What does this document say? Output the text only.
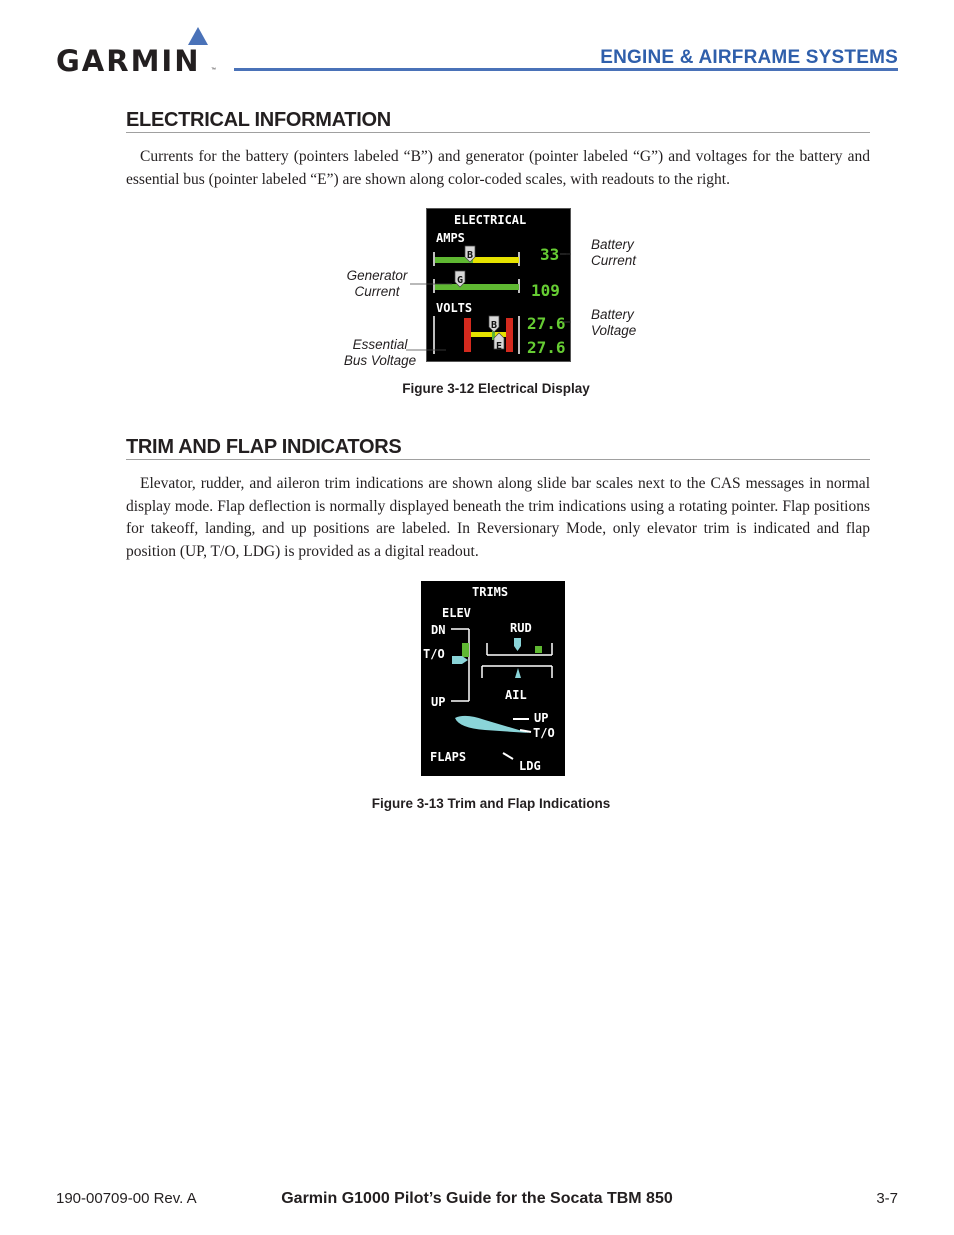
GARMIN ™
ENGINE & AIRFRAME SYSTEMS
ELECTRICAL INFORMATION

Currents for the battery (pointers labeled “B”) and generator (pointer labeled “G”) and voltages for the battery and essential bus (pointer labeled “E”) are shown along color-coded scales, with readouts to the right.

ELECTRICAL
AMPS
B	33
G
109
VOLTS
B
E
27.6
27.6
Battery
Current
Generator
Current
Battery
Voltage
Essential
Bus Voltage
Figure 3-12 Electrical Display
TRIM AND FLAP INDICATORS

Elevator, rudder, and aileron trim indications are shown along slide bar scales next to the CAS messages in normal display mode. Flap deflection is normally displayed beneath the trim indications using a rotating pointer. Flap positions for takeoff, landing, and up positions are labeled. In Reversionary Mode, only elevator trim is indicated and flap position (UP, T/O, LDG) is provided as a digital readout.

TRIMS
ELEV
DN
T/O
UP
RUD
AIL
UP
T/O
FLAPS
LDG
Figure 3-13 Trim and Flap Indications
190-00709-00 Rev. A	Garmin G1000 Pilot’s Guide for the Socata TBM 850	3-7
